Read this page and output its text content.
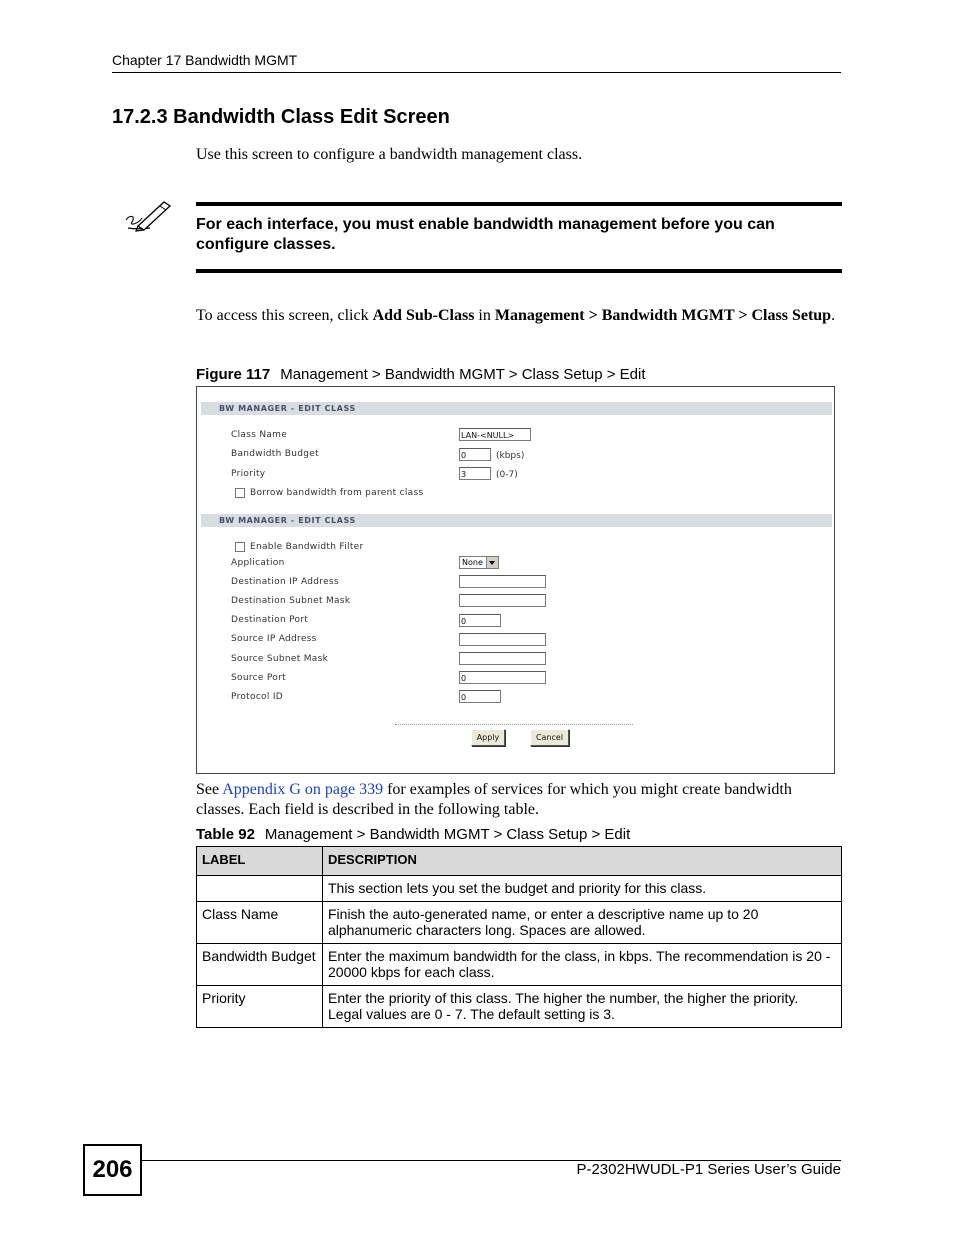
Chapter 17 Bandwidth MGMT
17.2.3 Bandwidth Class Edit Screen
Use this screen to configure a bandwidth management class.
For each interface, you must enable bandwidth management before you can configure classes.
To access this screen, click Add Sub-Class in Management > Bandwidth MGMT > Class Setup.
Figure 117 Management > Bandwidth MGMT > Class Setup > Edit
BW MANAGER - EDIT CLASS
Class Name	LAN-<NULL>
Bandwidth Budget	0	(kbps)
Priority	3	(0-7)
Borrow bandwidth from parent class
BW MANAGER - EDIT CLASS
Enable Bandwidth Filter
Application	None
Destination IP Address
Destination Subnet Mask
Destination Port	0
Source IP Address
Source Subnet Mask
Source Port	0
Protocol ID	0
Apply	Cancel
See Appendix G on page 339 for examples of services for which you might create bandwidth classes. Each field is described in the following table.
Table 92 Management > Bandwidth MGMT > Class Setup > Edit
LABEL	DESCRIPTION
	This section lets you set the budget and priority for this class.
Class Name	Finish the auto-generated name, or enter a descriptive name up to 20 alphanumeric characters long. Spaces are allowed.
Bandwidth Budget	Enter the maximum bandwidth for the class, in kbps. The recommendation is 20 - 20000 kbps for each class.
Priority	Enter the priority of this class. The higher the number, the higher the priority. Legal values are 0 - 7. The default setting is 3.
206	P-2302HWUDL-P1 Series User’s Guide
